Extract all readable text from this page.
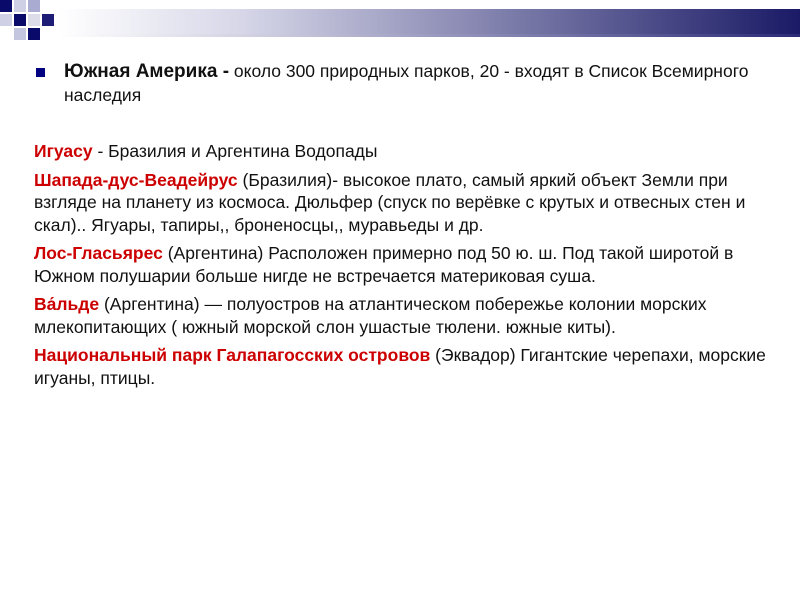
Южная Америка - около 300 природных парков, 20 - входят в Список Всемирного наследия
Игуасу - Бразилия и Аргентина Водопады
Шапада-дус-Веадейрус (Бразилия)- высокое плато, самый яркий объект Земли при взгляде на планету из космоса. Дюльфер (спуск по верёвке с крутых и отвесных стен и скал).. Ягуары, тапиры,, броненосцы,, муравьеды и др.
Лос-Гласьярес (Аргентина) Расположен примерно под 50 ю. ш. Под такой широтой в Южном полушарии больше нигде не встречается материковая суша.
Ва́льде (Аргентина) — полуостров на атлантическом побережье колонии морских млекопитающих ( южный морской слон ушастые тюлени. южные киты).
Национальный парк Галапагосских островов (Эквадор) Гигантские черепахи, морские игуаны, птицы.
